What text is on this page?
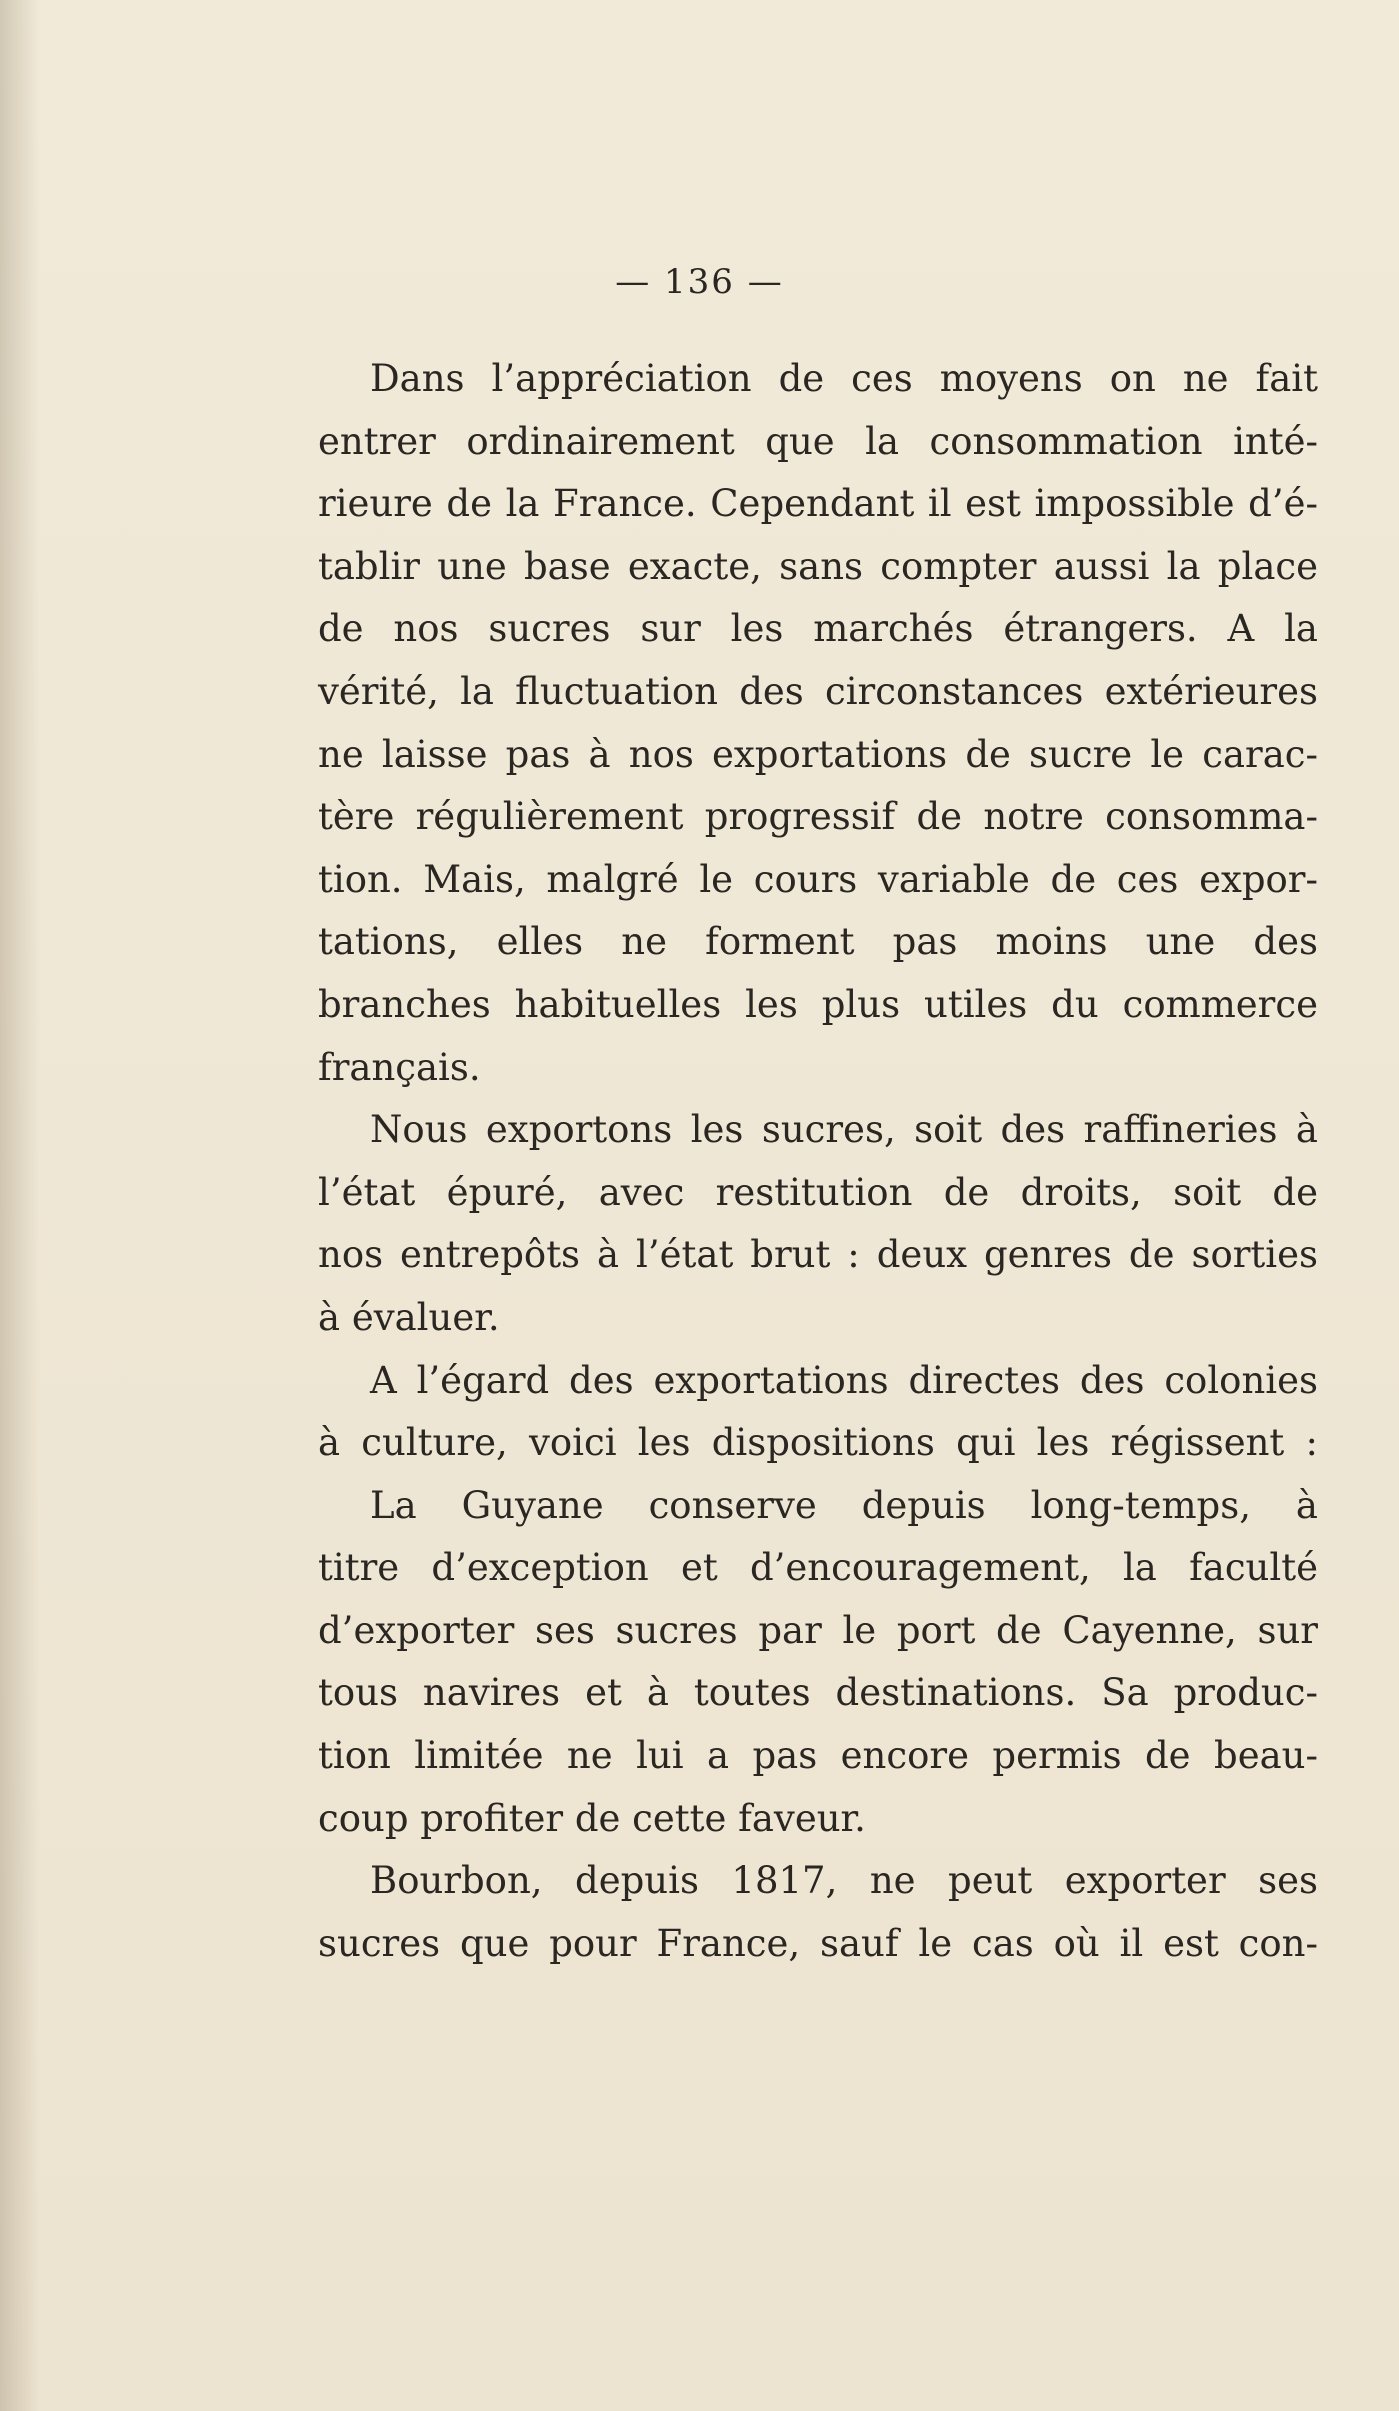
— 136 —
Dans l’appréciation de ces moyens on ne fait
entrer ordinairement que la consommation inté-
rieure de la France. Cependant il est impossible d’é-
tablir une base exacte, sans compter aussi la place
de nos sucres sur les marchés étrangers. A la
vérité, la fluctuation des circonstances extérieures
ne laisse pas à nos exportations de sucre le carac-
tère régulièrement progressif de notre consomma-
tion. Mais, malgré le cours variable de ces expor-
tations, elles ne forment pas moins une des
branches habituelles les plus utiles du commerce
français.
Nous exportons les sucres, soit des raffineries à
l’état épuré, avec restitution de droits, soit de
nos entrepôts à l’état brut : deux genres de sorties
à évaluer.
A l’égard des exportations directes des colonies
à culture, voici les dispositions qui les régissent :
La Guyane conserve depuis long-temps, à
titre d’exception et d’encouragement, la faculté
d’exporter ses sucres par le port de Cayenne, sur
tous navires et à toutes destinations. Sa produc-
tion limitée ne lui a pas encore permis de beau-
coup profiter de cette faveur.
Bourbon, depuis 1817, ne peut exporter ses
sucres que pour France, sauf le cas où il est con-
